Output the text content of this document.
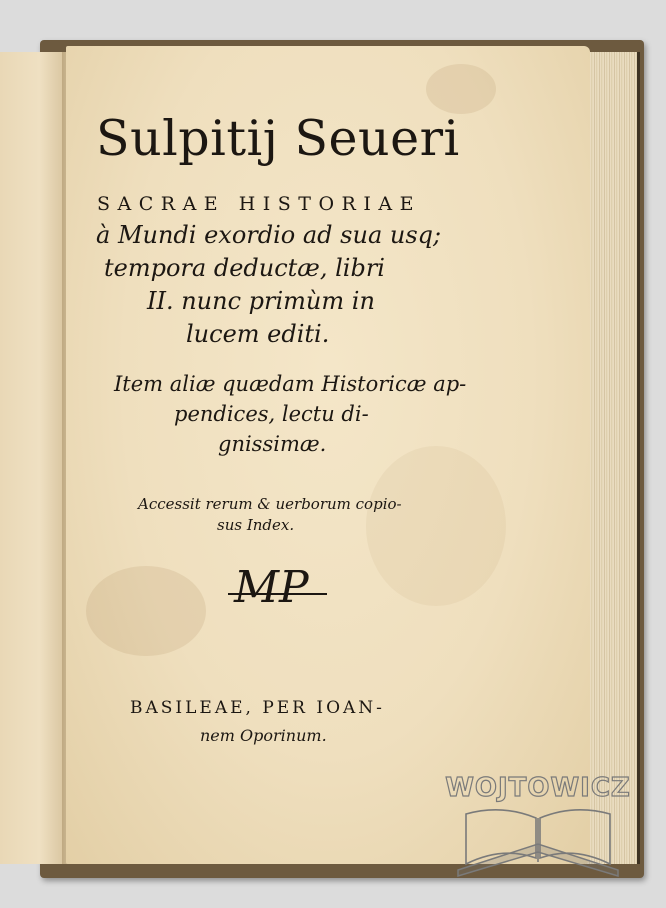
Sulpitij Seueri
SACRAE HISTORIAE
à Mundi exordio ad sua usq;
tempora deductæ, libri
II. nunc primùm in
lucem editi.
Item aliæ quædam Historicæ ap-
pendices, lectu di-
gnissimæ.
Accessit rerum & uerborum copio-
sus Index.
MP
BASILEAE, PER IOAN-
nem Oporinum.
WOJTOWICZ
